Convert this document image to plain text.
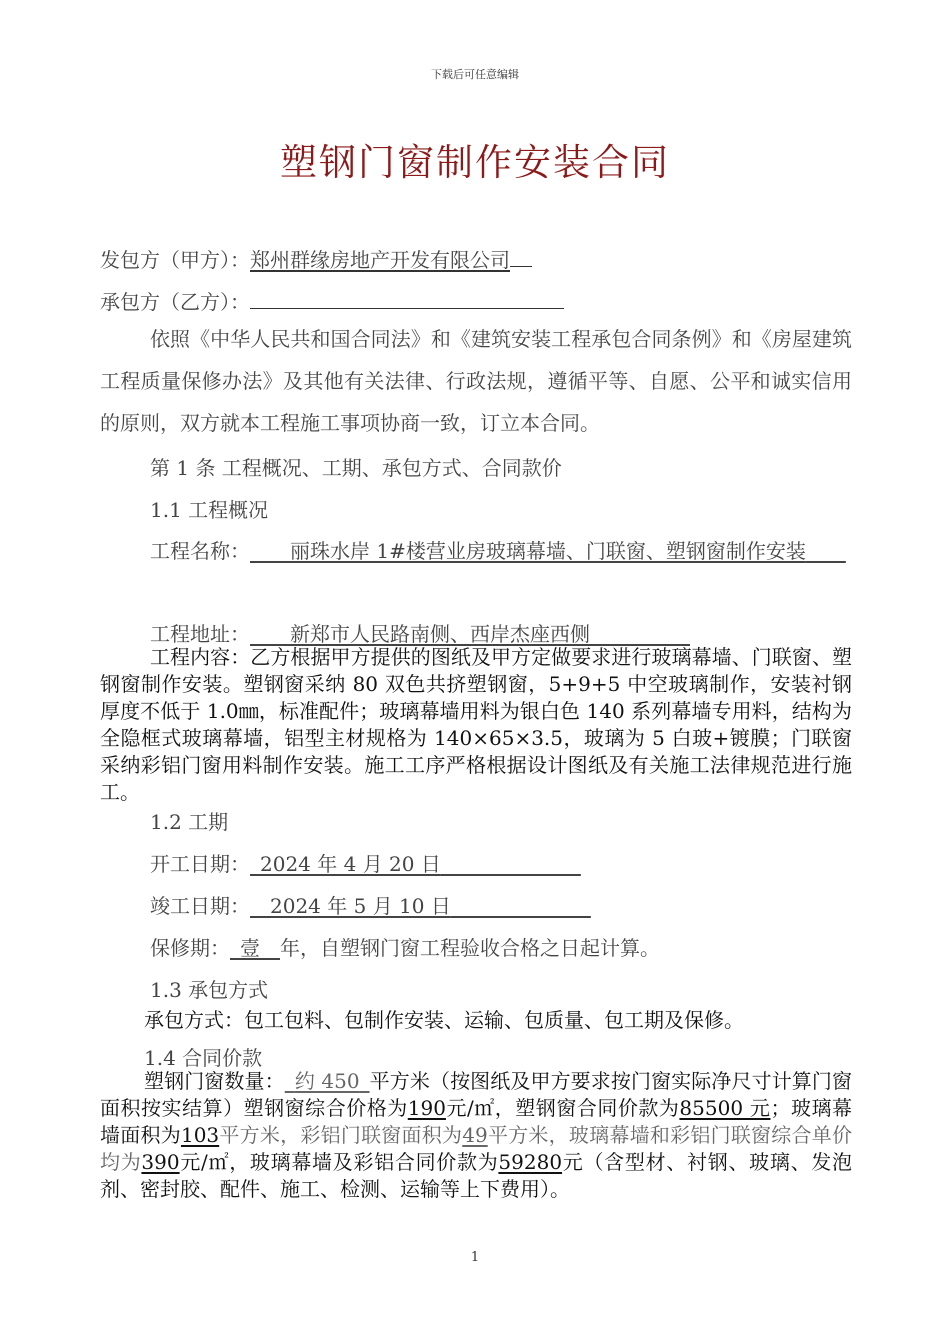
下载后可任意编辑
塑钢门窗制作安装合同
发包方（甲方）：郑州群缘房地产开发有限公司
承包方（乙方）：
依照《中华人民共和国合同法》和《建筑安装工程承包合同条例》和《房屋建筑工程质量保修办法》及其他有关法律、行政法规，遵循平等、自愿、公平和诚实信用的原则，双方就本工程施工事项协商一致，订立本合同。
第 1 条 工程概况、工期、承包方式、合同款价
1.1 工程概况
工程名称：   丽珠水岸 1#楼营业房玻璃幕墙、门联窗、塑钢窗制作安装  
工程地址：   新郑市人民路南侧、西岸杰座西侧     
工程内容：乙方根据甲方提供的图纸及甲方定做要求进行玻璃幕墙、门联窗、塑钢窗制作安装。塑钢窗采纳 80 双色共挤塑钢窗，5+9+5 中空玻璃制作，安装衬钢厚度不低于 1.0㎜，标准配件；玻璃幕墙用料为银白色 140 系列幕墙专用料，结构为全隐框式玻璃幕墙，铝型主材规格为 140×65×3.5，玻璃为 5 白玻+镀膜；门联窗采纳彩铝门窗用料制作安装。施工工序严格根据设计图纸及有关施工法律规范进行施工。
1.2 工期
开工日期：  2024 年 4 月 20 日       
竣工日期：  2024 年 5 月 10 日       
保修期：  壹  年，自塑钢门窗工程验收合格之日起计算。
1.3 承包方式
承包方式：包工包料、包制作安装、运输、包质量、包工期及保修。
1.4 合同价款
塑钢门窗数量：  约 450  平方米（按图纸及甲方要求按门窗实际净尺寸计算门窗面积按实结算）塑钢窗综合价格为190元/㎡，塑钢窗合同价款为85500 元；玻璃幕墙面积为103平方米，彩铝门联窗面积为49平方米，玻璃幕墙和彩铝门联窗综合单价均为390元/㎡，玻璃幕墙及彩铝合同价款为59280元（含型材、衬钢、玻璃、发泡剂、密封胶、配件、施工、检测、运输等上下费用）。
1
